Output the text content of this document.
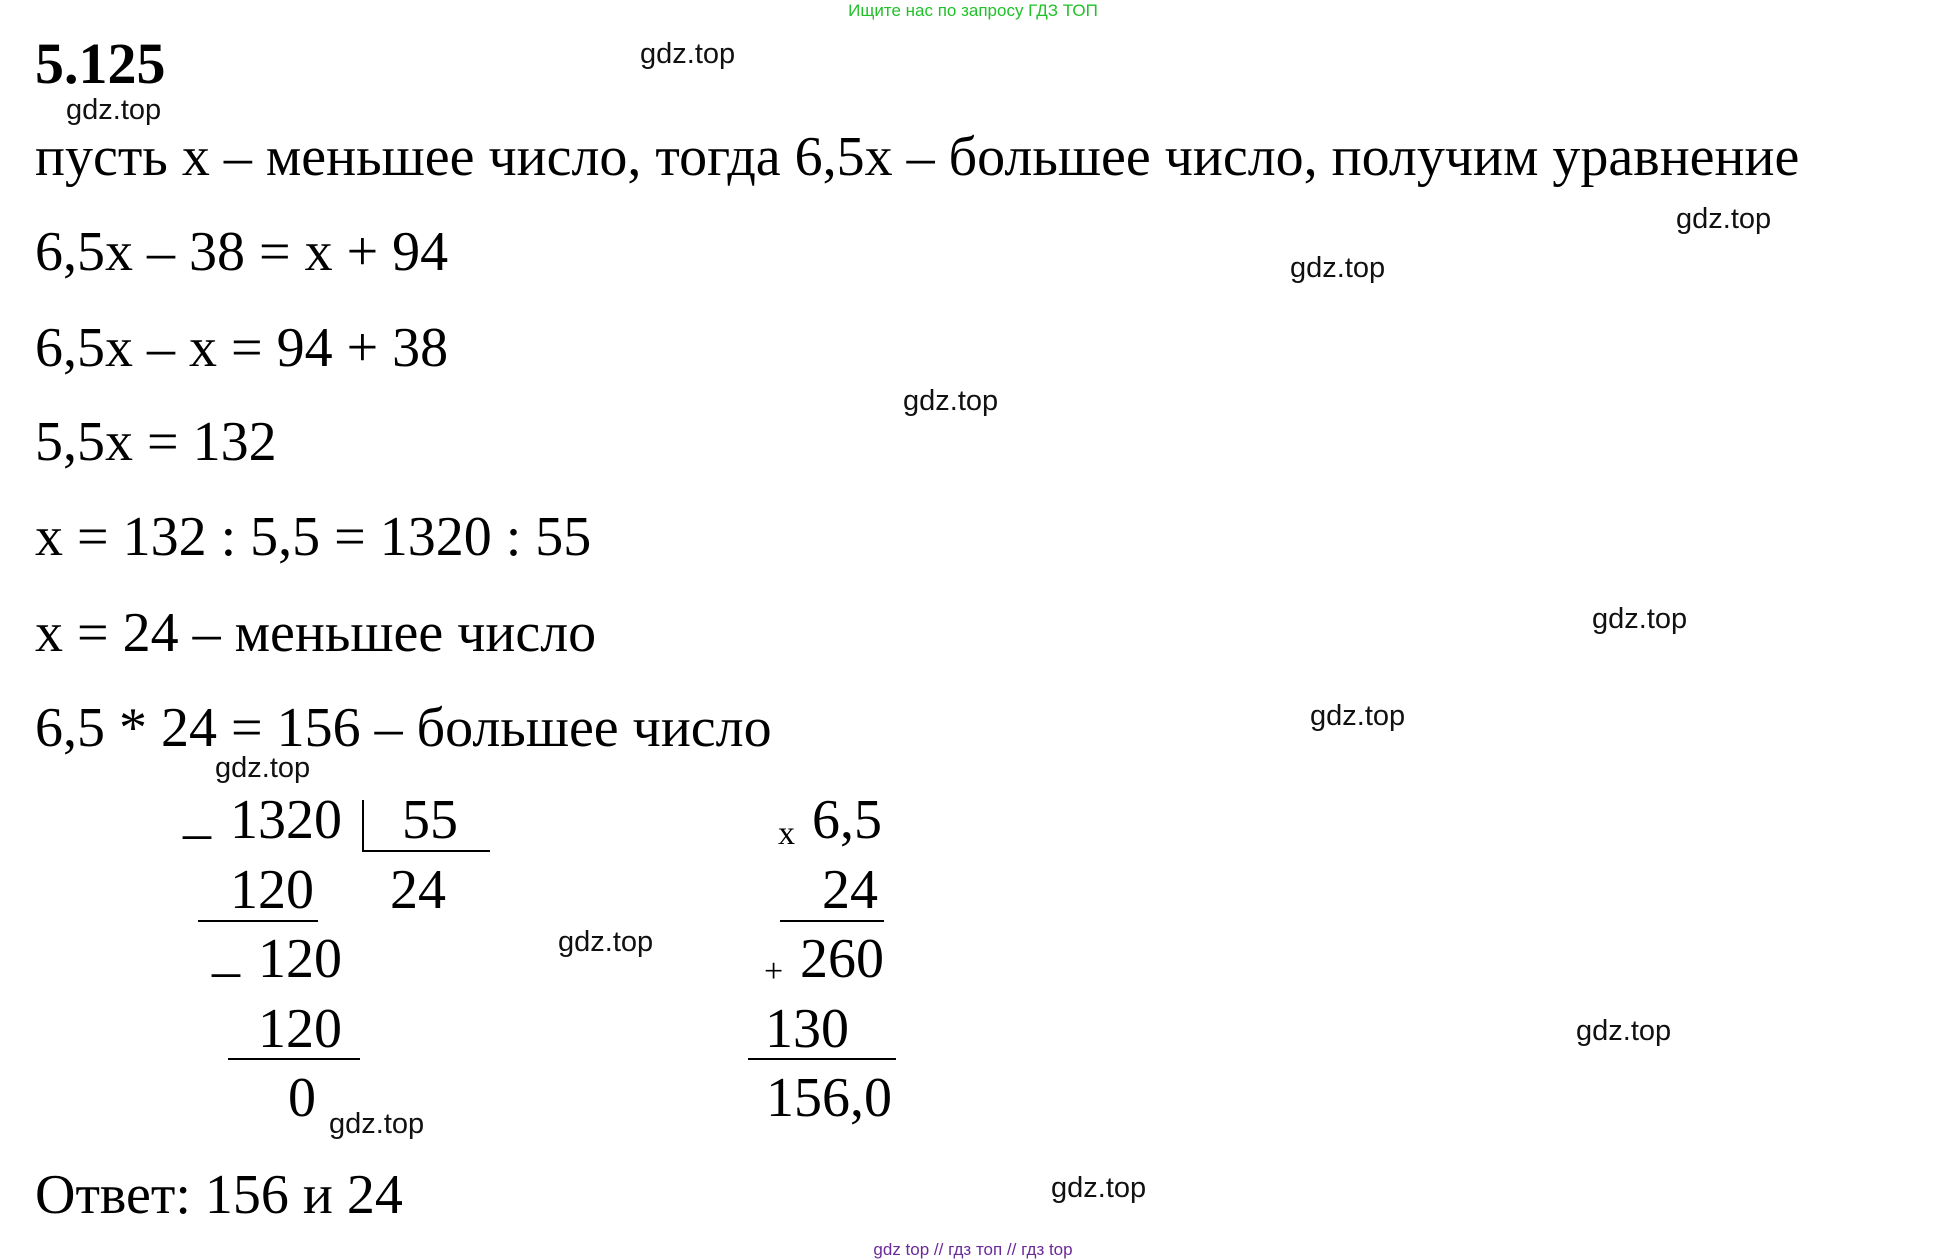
Ищите нас по запросу ГДЗ ТОП
5.125
пусть x – меньшее число, тогда 6,5x – большее число, получим уравнение
6,5x – 38 = x + 94
6,5x – x = 94 + 38
5,5x = 132
x = 132 : 5,5 = 1320 : 55
x = 24 – меньшее число
6,5 * 24 = 156 – большее число
_ 1320 55
24
120
_ 120
120
0
x 6,5
24
+ 260
130
156,0
Ответ: 156 и 24
gdz.top
gdz.top
gdz.top
gdz.top
gdz.top
gdz.top
gdz.top
gdz.top
gdz.top
gdz.top
gdz.top
gdz.top
gdz top // гдз топ // гдз top
